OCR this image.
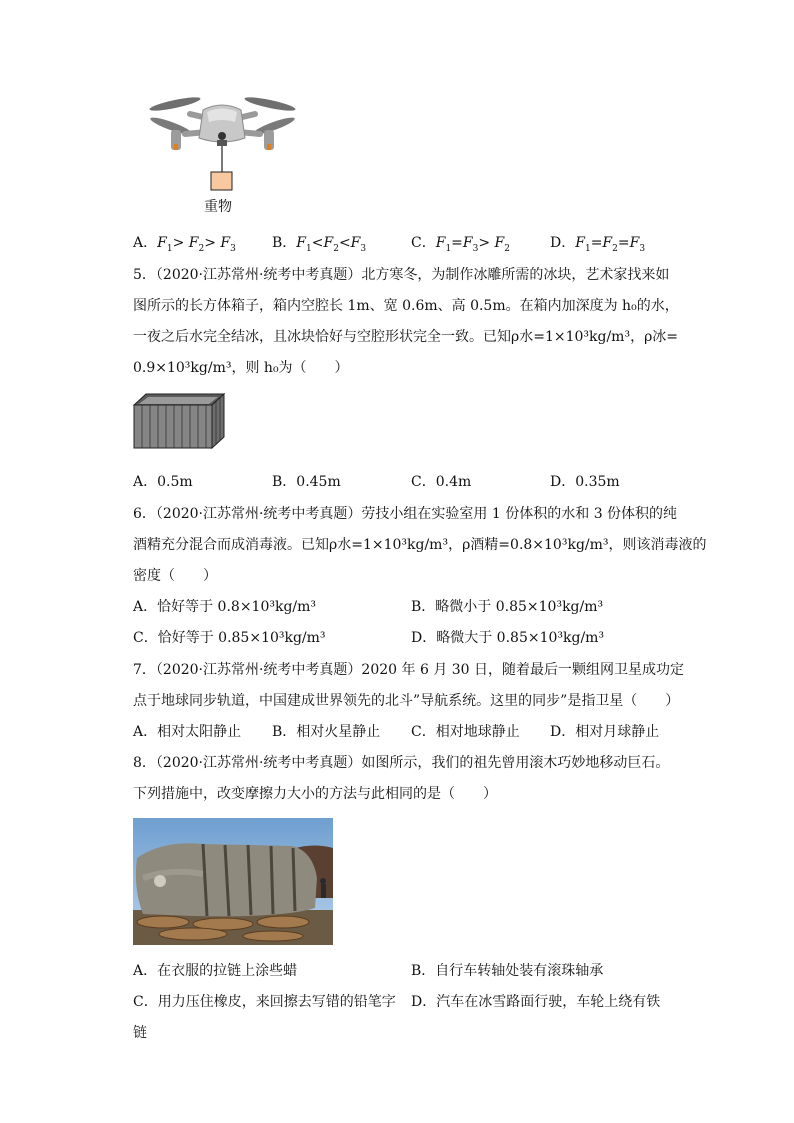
重物
A．$F_1> F_2> F_3$	B．$F_1<F_2<F_3$	C．$F_1=F_3> F_2$	D．$F_1=F_2=F_3$
5．（2020·江苏常州·统考中考真题）北方寒冬，为制作冰雕所需的冰块，艺术家找来如
图所示的长方体箱子，箱内空腔长 1m、宽 0.6m、高 0.5m。在箱内加深度为 h₀的水，
一夜之后水完全结冰，且冰块恰好与空腔形状完全一致。已知ρ水=1×10³kg/m³，ρ冰=
0.9×10³kg/m³，则 h₀为（　　）
A．0.5m	B．0.45m	C．0.4m	D．0.35m
6．（2020·江苏常州·统考中考真题）劳技小组在实验室用 1 份体积的水和 3 份体积的纯
酒精充分混合而成消毒液。已知ρ水=1×10³kg/m³，ρ酒精=0.8×10³kg/m³，则该消毒液的
密度（　　）
A．恰好等于 0.8×10³kg/m³	B．略微小于 0.85×10³kg/m³
C．恰好等于 0.85×10³kg/m³	D．略微大于 0.85×10³kg/m³
7．（2020·江苏常州·统考中考真题）2020 年 6 月 30 日，随着最后一颗组网卫星成功定
点于地球同步轨道，中国建成世界领先的北斗”导航系统。这里的同步”是指卫星（　　）
A．相对太阳静止 B．相对火星静止 C．相对地球静止 D．相对月球静止
8．（2020·江苏常州·统考中考真题）如图所示，我们的祖先曾用滚木巧妙地移动巨石。
下列措施中，改变摩擦力大小的方法与此相同的是（　　）
A．在衣服的拉链上涂些蜡	B．自行车转轴处装有滚珠轴承
C．用力压住橡皮，来回擦去写错的铅笔字 D．汽车在冰雪路面行驶，车轮上绕有铁
链
